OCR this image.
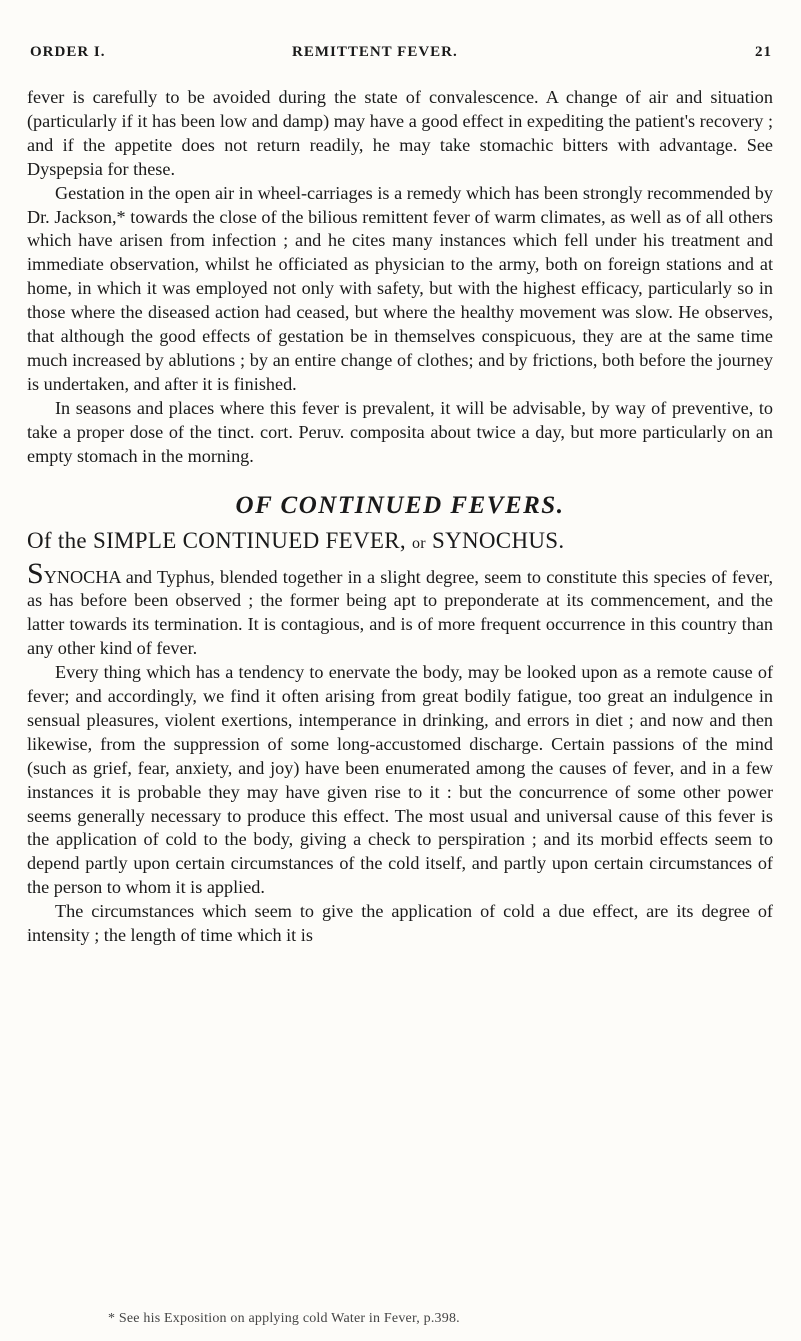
ORDER I.	REMITTENT FEVER.	21

fever is carefully to be avoided during the state of convalescence. A change of air and situation (particularly if it has been low and damp) may have a good effect in expediting the patient's recovery ; and if the appetite does not return readily, he may take stomachic bitters with advantage. See Dyspepsia for these.

Gestation in the open air in wheel-carriages is a remedy which has been strongly recommended by Dr. Jackson,* towards the close of the bilious remittent fever of warm climates, as well as of all others which have arisen from infection ; and he cites many instances which fell under his treatment and immediate observation, whilst he officiated as physician to the army, both on foreign stations and at home, in which it was employed not only with safety, but with the highest efficacy, particularly so in those where the diseased action had ceased, but where the healthy movement was slow. He observes, that although the good effects of gestation be in themselves conspicuous, they are at the same time much increased by ablutions ; by an entire change of clothes; and by frictions, both before the journey is undertaken, and after it is finished.

In seasons and places where this fever is prevalent, it will be advisable, by way of preventive, to take a proper dose of the tinct. cort. Peruv. composita about twice a day, but more particularly on an empty stomach in the morning.

OF CONTINUED FEVERS.
Of the SIMPLE CONTINUED FEVER, or SYNOCHUS.

SYNOCHA and Typhus, blended together in a slight degree, seem to constitute this species of fever, as has before been observed ; the former being apt to preponderate at its commencement, and the latter towards its termination. It is contagious, and is of more frequent occurrence in this country than any other kind of fever.

Every thing which has a tendency to enervate the body, may be looked upon as a remote cause of fever; and accordingly, we find it often arising from great bodily fatigue, too great an indulgence in sensual pleasures, violent exertions, intemperance in drinking, and errors in diet ; and now and then likewise, from the suppression of some long-accustomed discharge. Certain passions of the mind (such as grief, fear, anxiety, and joy) have been enumerated among the causes of fever, and in a few instances it is probable they may have given rise to it : but the concurrence of some other power seems generally necessary to produce this effect. The most usual and universal cause of this fever is the application of cold to the body, giving a check to perspiration ; and its morbid effects seem to depend partly upon certain circumstances of the cold itself, and partly upon certain circumstances of the person to whom it is applied.

The circumstances which seem to give the application of cold a due effect, are its degree of intensity ; the length of time which it is

* See his Exposition on applying cold Water in Fever, p.398.
